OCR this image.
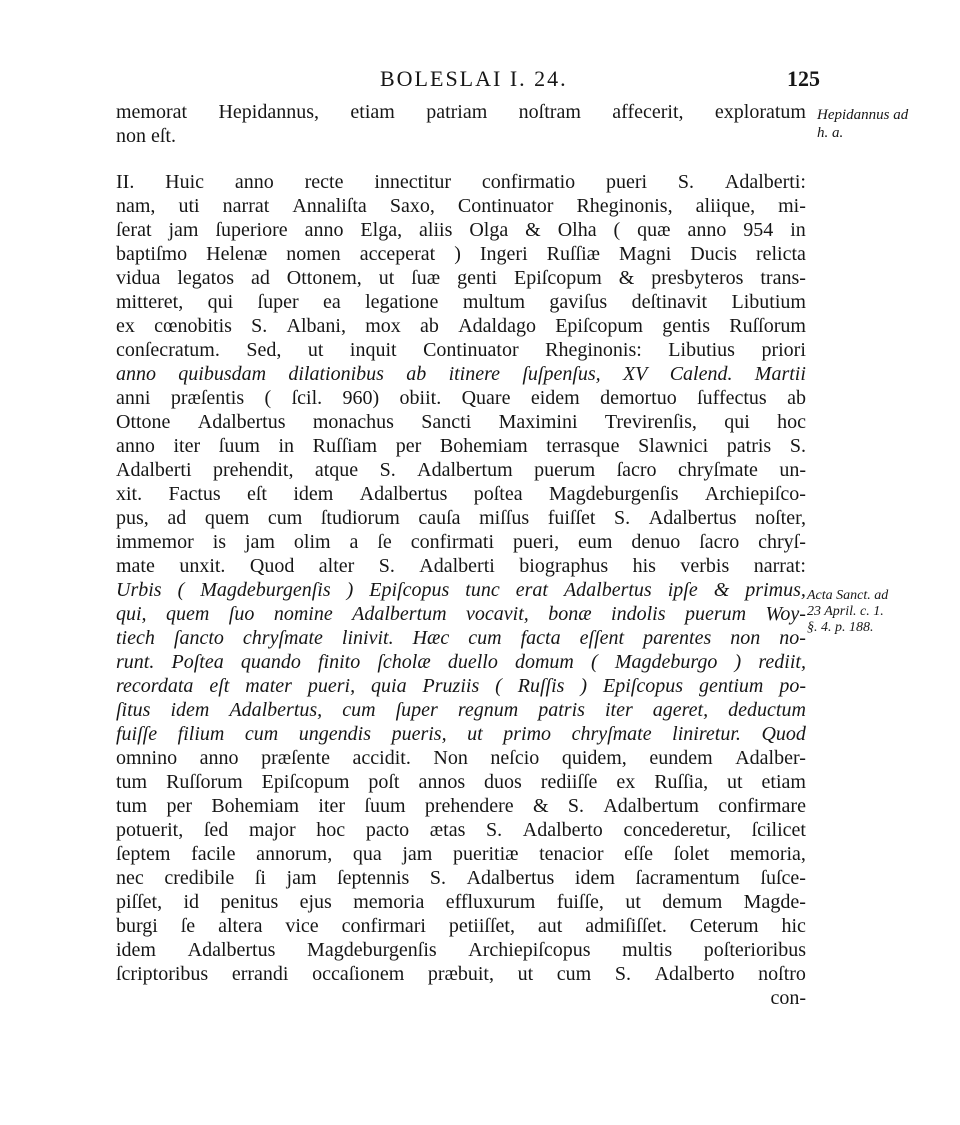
BOLESLAI I. 24.	125
memorat Hepidannus, etiam patriam noſtram affecerit, exploratum
non eſt.
II. Huic anno recte innectitur confirmatio pueri S. Adalberti:
nam, uti narrat Annaliſta Saxo, Continuator Rheginonis, aliique, mi-
ſerat jam ſuperiore anno Elga, aliis Olga & Olha ( quæ anno 954 in
baptiſmo Helenæ nomen acceperat ) Ingeri Ruſſiæ Magni Ducis relicta
vidua legatos ad Ottonem, ut ſuæ genti Epiſcopum & presbyteros trans-
mitteret, qui ſuper ea legatione multum gaviſus deſtinavit Libutium
ex cœnobitis S. Albani, mox ab Adaldago Epiſcopum gentis Ruſſorum
conſecratum. Sed, ut inquit Continuator Rheginonis: Libutius priori
anno quibusdam dilationibus ab itinere ſuſpenſus, XV Calend. Martii
anni præſentis ( ſcil. 960) obiit. Quare eidem demortuo ſuffectus ab
Ottone Adalbertus monachus Sancti Maximini Trevirenſis, qui hoc
anno iter ſuum in Ruſſiam per Bohemiam terrasque Slawnici patris S.
Adalberti prehendit, atque S. Adalbertum puerum ſacro chryſmate un-
xit. Factus eſt idem Adalbertus poſtea Magdeburgenſis Archiepiſco-
pus, ad quem cum ſtudiorum cauſa miſſus fuiſſet S. Adalbertus noſter,
immemor is jam olim a ſe confirmati pueri, eum denuo ſacro chryſ-
mate unxit. Quod alter S. Adalberti biographus his verbis narrat:
Urbis ( Magdeburgenſis ) Epiſcopus tunc erat Adalbertus ipſe & primus,
qui, quem ſuo nomine Adalbertum vocavit, bonæ indolis puerum Woy-
tiech ſancto chryſmate linivit. Hæc cum facta eſſent parentes non no-
runt. Poſtea quando finito ſcholæ duello domum ( Magdeburgo ) rediit,
recordata eſt mater pueri, quia Pruziis ( Ruſſis ) Epiſcopus gentium po-
ſitus idem Adalbertus, cum ſuper regnum patris iter ageret, deductum
fuiſſe filium cum ungendis pueris, ut primo chryſmate liniretur. Quod
omnino anno præſente accidit. Non neſcio quidem, eundem Adalber-
tum Ruſſorum Epiſcopum poſt annos duos rediiſſe ex Ruſſia, ut etiam
tum per Bohemiam iter ſuum prehendere & S. Adalbertum confirmare
potuerit, ſed major hoc pacto ætas S. Adalberto concederetur, ſcilicet
ſeptem facile annorum, qua jam pueritiæ tenacior eſſe ſolet memoria,
nec credibile ſi jam ſeptennis S. Adalbertus idem ſacramentum ſuſce-
piſſet, id penitus ejus memoria effluxurum fuiſſe, ut demum Magde-
burgi ſe altera vice confirmari petiiſſet, aut admiſiſſet. Ceterum hic
idem Adalbertus Magdeburgenſis Archiepiſcopus multis poſterioribus
ſcriptoribus errandi occaſionem præbuit, ut cum S. Adalberto noſtro
con-
Hepidannus ad
h. a.
Acta Sanct. ad
23 April. c. 1.
§. 4. p. 188.
